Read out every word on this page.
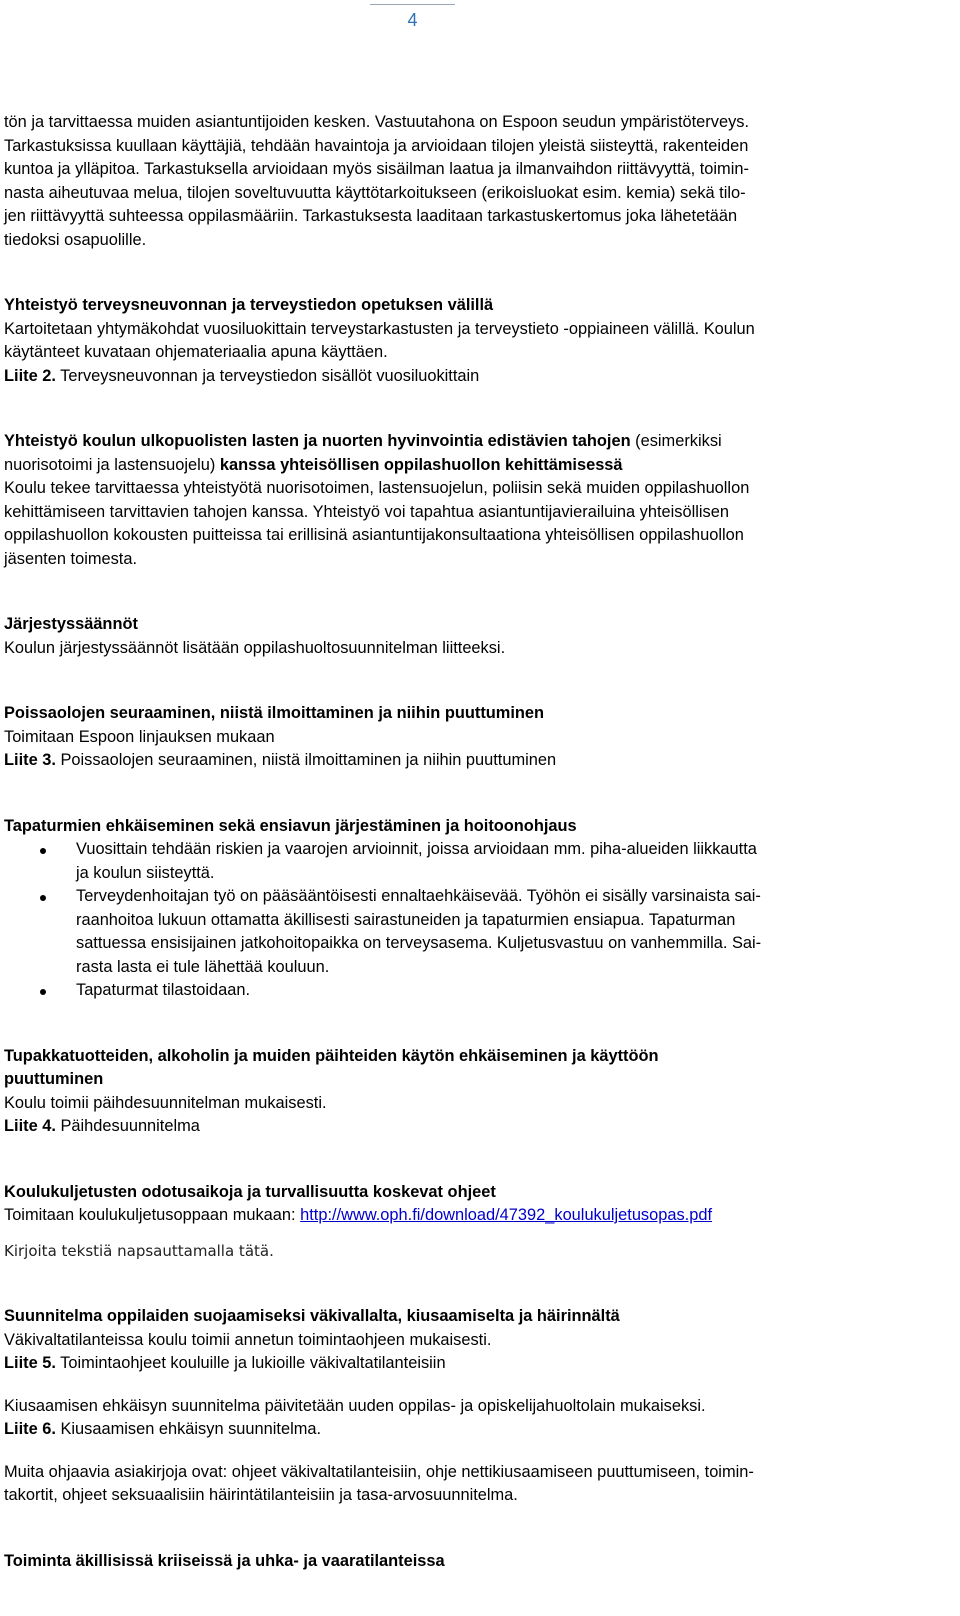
4

tön ja tarvittaessa muiden asiantuntijoiden kesken. Vastuutahona on Espoon seudun ympäristöterveys.

Tarkastuksissa kuullaan käyttäjiä, tehdään havaintoja ja arvioidaan tilojen yleistä siisteyttä, rakenteiden

kuntoa ja ylläpitoa. Tarkastuksella arvioidaan myös sisäilman laatua ja ilmanvaihdon riittävyyttä, toimin-

nasta aiheutuvaa melua, tilojen soveltuvuutta käyttötarkoitukseen (erikoisluokat esim. kemia) sekä tilo-

jen riittävyyttä suhteessa oppilasmääriin. Tarkastuksesta laaditaan tarkastuskertomus joka lähetetään

tiedoksi osapuolille.

Yhteistyö terveysneuvonnan ja terveystiedon opetuksen välillä

Kartoitetaan yhtymäkohdat vuosiluokittain terveystarkastusten ja terveystieto -oppiaineen välillä. Koulun

käytänteet kuvataan ohjemateriaalia apuna käyttäen.

Liite 2. Terveysneuvonnan ja terveystiedon sisällöt vuosiluokittain

Yhteistyö koulun ulkopuolisten lasten ja nuorten hyvinvointia edistävien tahojen (esimerkiksi

nuorisotoimi ja lastensuojelu) kanssa yhteisöllisen oppilashuollon kehittämisessä

Koulu tekee tarvittaessa yhteistyötä nuorisotoimen, lastensuojelun, poliisin sekä muiden oppilashuollon

kehittämiseen tarvittavien tahojen kanssa. Yhteistyö voi tapahtua asiantuntijavierailuina yhteisöllisen

oppilashuollon kokousten puitteissa tai erillisinä asiantuntijakonsultaationa yhteisöllisen oppilashuollon

jäsenten toimesta.

Järjestyssäännöt

Koulun järjestyssäännöt lisätään oppilashuoltosuunnitelman liitteeksi.

Poissaolojen seuraaminen, niistä ilmoittaminen ja niihin puuttuminen

Toimitaan Espoon linjauksen mukaan

Liite 3. Poissaolojen seuraaminen, niistä ilmoittaminen ja niihin puuttuminen

Tapaturmien ehkäiseminen sekä ensiavun järjestäminen ja hoitoonohjaus

Vuosittain tehdään riskien ja vaarojen arvioinnit, joissa arvioidaan mm. piha-alueiden liikkautta
ja koulun siisteyttä.
Terveydenhoitajan työ on pääsääntöisesti ennaltaehkäisevää. Työhön ei sisälly varsinaista sai-
raanhoitoa lukuun ottamatta äkillisesti sairastuneiden ja tapaturmien ensiapua. Tapaturman
sattuessa ensisijainen jatkohoitopaikka on terveysasema. Kuljetusvastuu on vanhemmilla. Sai-
rasta lasta ei tule lähettää kouluun.
Tapaturmat tilastoidaan.

Tupakkatuotteiden, alkoholin ja muiden päihteiden käytön ehkäiseminen ja käyttöön

puuttuminen

Koulu toimii päihdesuunnitelman mukaisesti.

Liite 4. Päihdesuunnitelma

Koulukuljetusten odotusaikoja ja turvallisuutta koskevat ohjeet

Toimitaan koulukuljetusoppaan mukaan: http://www.oph.fi/download/47392_koulukuljetusopas.pdf

Kirjoita tekstiä napsauttamalla tätä.

Suunnitelma oppilaiden suojaamiseksi väkivallalta, kiusaamiselta ja häirinnältä

Väkivaltatilanteissa koulu toimii annetun toimintaohjeen mukaisesti.

Liite 5. Toimintaohjeet kouluille ja lukioille väkivaltatilanteisiin

Kiusaamisen ehkäisyn suunnitelma päivitetään uuden oppilas- ja opiskelijahuoltolain mukaiseksi.

Liite 6. Kiusaamisen ehkäisyn suunnitelma.

Muita ohjaavia asiakirjoja ovat: ohjeet väkivaltatilanteisiin, ohje nettikiusaamiseen puuttumiseen, toimin-

takortit, ohjeet seksuaalisiin häirintätilanteisiin ja tasa-arvosuunnitelma.

Toiminta äkillisissä kriiseissä ja uhka- ja vaaratilanteissa
